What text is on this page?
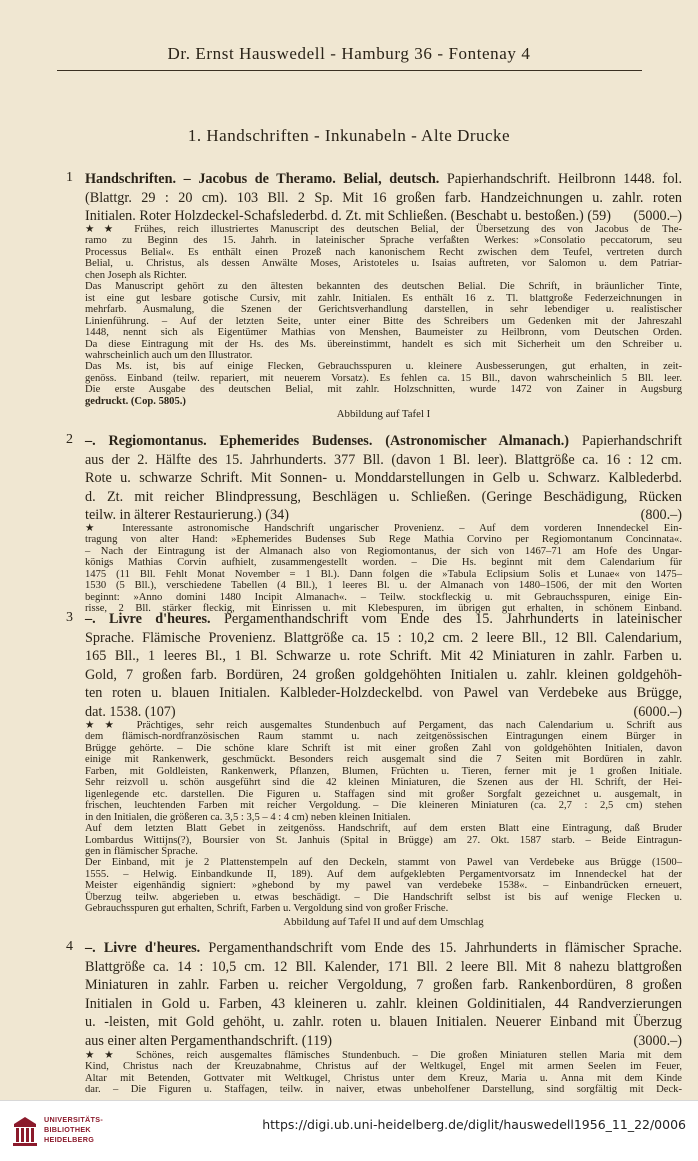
Dr. Ernst Hauswedell - Hamburg 36 - Fontenay 4
1. Handschriften - Inkunabeln - Alte Drucke
1 Handschriften. – Jacobus de Theramo. Belial, deutsch. Papierhandschrift. Heilbronn 1448. fol.
(Blattgr. 29 : 20 cm). 103 Bll. 2 Sp. Mit 16 großen farb. Handzeichnungen u. zahlr. roten
Initialen. Roter Holzdeckel-Schafslederbd. d. Zt. mit Schließen. (Beschabt u. bestoßen.) (59) (5000.–)
★★ Frühes, reich illustriertes Manuscript des deutschen Belial, der Übersetzung des von Jacobus de The-
ramo zu Beginn des 15. Jahrh. in lateinischer Sprache verfaßten Werkes: »Consolatio peccatorum, seu
Processus Belial«. Es enthält einen Prozeß nach kanonischem Recht zwischen dem Teufel, vertreten durch
Belial, u. Christus, als dessen Anwälte Moses, Aristoteles u. Isaias auftreten, vor Salomon u. dem Patriar-
chen Joseph als Richter.
Das Manuscript gehört zu den ältesten bekannten des deutschen Belial. Die Schrift, in bräunlicher Tinte,
ist eine gut lesbare gotische Cursiv, mit zahlr. Initialen. Es enthält 16 z. Tl. blattgroße Federzeichnungen in
mehrfarb. Ausmalung, die Szenen der Gerichtsverhandlung darstellen, in sehr lebendiger u. realistischer
Linienführung. – Auf der letzten Seite, unter einer Bitte des Schreibers um Gedenken mit der Jahreszahl
1448, nennt sich als Eigentümer Mathias von Menshen, Baumeister zu Heilbronn, vom Deutschen Orden.
Da diese Eintragung mit der Hs. des Ms. übereinstimmt, handelt es sich mit Sicherheit um den Schreiber u.
wahrscheinlich auch um den Illustrator.
Das Ms. ist, bis auf einige Flecken, Gebrauchsspuren u. kleinere Ausbesserungen, gut erhalten, in zeit-
genöss. Einband (teilw. repariert, mit neuerem Vorsatz). Es fehlen ca. 15 Bll., davon wahrscheinlich 5 Bll. leer.
Die erste Ausgabe des deutschen Belial, mit zahlr. Holzschnitten, wurde 1472 von Zainer in Augsburg
gedruckt. (Cop. 5805.)
Abbildung auf Tafel I
2 –. Regiomontanus. Ephemerides Budenses. (Astronomischer Almanach.) Papierhandschrift
aus der 2. Hälfte des 15. Jahrhunderts. 377 Bll. (davon 1 Bl. leer). Blattgröße ca. 16 : 12 cm.
Rote u. schwarze Schrift. Mit Sonnen- u. Monddarstellungen in Gelb u. Schwarz. Kalblederbd.
d. Zt. mit reicher Blindpressung, Beschlägen u. Schließen. (Geringe Beschädigung, Rücken
teilw. in älterer Restaurierung.) (34)	(800.–)
★ Interessante astronomische Handschrift ungarischer Provenienz. – Auf dem vorderen Innendeckel Ein-
tragung von alter Hand: »Ephemerides Budenses Sub Rege Mathia Corvino per Regiomontanum Concinnata«.
– Nach der Eintragung ist der Almanach also von Regiomontanus, der sich von 1467–71 am Hofe des Ungar-
königs Mathias Corvin aufhielt, zusammengestellt worden. – Die Hs. beginnt mit dem Calendarium für
1475 (11 Bll. Fehlt Monat November = 1 Bl.). Dann folgen die »Tabula Eclipsium Solis et Lunae« von 1475–
1530 (5 Bll.), verschiedene Tabellen (4 Bll.), 1 leeres Bl. u. der Almanach von 1480–1506, der mit den Worten
beginnt: »Anno domini 1480 Incipit Almanach«. – Teilw. stockfleckig u. mit Gebrauchsspuren, einige Ein-
risse, 2 Bll. stärker fleckig, mit Einrissen u. mit Klebespuren, im übrigen gut erhalten, in schönem Einband.
3 –. Livre d'heures. Pergamenthandschrift vom Ende des 15. Jahrhunderts in lateinischer
Sprache. Flämische Provenienz. Blattgröße ca. 15 : 10,2 cm. 2 leere Bll., 12 Bll. Calendarium,
165 Bll., 1 leeres Bl., 1 Bl. Schwarze u. rote Schrift. Mit 42 Miniaturen in zahlr. Farben u.
Gold, 7 großen farb. Bordüren, 24 großen goldgehöhten Initialen u. zahlr. kleinen goldgehöh-
ten roten u. blauen Initialen. Kalbleder-Holzdeckelbd. von Pawel van Verdebeke aus Brügge,
dat. 1538. (107)	(6000.–)
★★ Prächtiges, sehr reich ausgemaltes Stundenbuch auf Pergament, das nach Calendarium u. Schrift aus
dem flämisch-nordfranzösischen Raum stammt u. nach zeitgenössischen Eintragungen einem Bürger in
Brügge gehörte. – Die schöne klare Schrift ist mit einer großen Zahl von goldgehöhten Initialen, davon
einige mit Rankenwerk, geschmückt. Besonders reich ausgemalt sind die 7 Seiten mit Bordüren in zahlr.
Farben, mit Goldleisten, Rankenwerk, Pflanzen, Blumen, Früchten u. Tieren, ferner mit je 1 großen Initiale.
Sehr reizvoll u. schön ausgeführt sind die 42 kleinen Miniaturen, die Szenen aus der Hl. Schrift, der Hei-
ligenlegende etc. darstellen. Die Figuren u. Staffagen sind mit großer Sorgfalt gezeichnet u. ausgemalt, in
frischen, leuchtenden Farben mit reicher Vergoldung. – Die kleineren Miniaturen (ca. 2,7 : 2,5 cm) stehen
in den Initialen, die größeren ca. 3,5 : 3,5 – 4 : 4 cm) neben kleinen Initialen.
Auf dem letzten Blatt Gebet in zeitgenöss. Handschrift, auf dem ersten Blatt eine Eintragung, daß Bruder
Lombardus Wittijns(?), Boursier von St. Janhuis (Spital in Brügge) am 27. Okt. 1587 starb. – Beide Eintragun-
gen in flämischer Sprache.
Der Einband, mit je 2 Plattenstempeln auf den Deckeln, stammt von Pawel van Verdebeke aus Brügge (1500–
1555. – Helwig. Einbandkunde II, 189). Auf dem aufgeklebten Pergamentvorsatz im Innendeckel hat der
Meister eigenhändig signiert: »ghebond by my pawel van verdebeke 1538«. – Einbandrücken erneuert,
Überzug teilw. abgerieben u. etwas beschädigt. – Die Handschrift selbst ist bis auf wenige Flecken u.
Gebrauchsspuren gut erhalten, Schrift, Farben u. Vergoldung sind von großer Frische.
Abbildung auf Tafel II und auf dem Umschlag
4 –. Livre d'heures. Pergamenthandschrift vom Ende des 15. Jahrhunderts in flämischer Sprache.
Blattgröße ca. 14 : 10,5 cm. 12 Bll. Kalender, 171 Bll. 2 leere Bll. Mit 8 nahezu blattgroßen
Miniaturen in zahlr. Farben u. reicher Vergoldung, 7 großen farb. Rankenbordüren, 8 großen
Initialen in Gold u. Farben, 43 kleineren u. zahlr. kleinen Goldinitialen, 44 Randverzierungen
u. -leisten, mit Gold gehöht, u. zahlr. roten u. blauen Initialen. Neuerer Einband mit Überzug
aus einer alten Pergamenthandschrift. (119)	(3000.–)
★★ Schönes, reich ausgemaltes flämisches Stundenbuch. – Die großen Miniaturen stellen Maria mit dem
Kind, Christus nach der Kreuzabnahme, Christus auf der Weltkugel, Engel mit armen Seelen im Feuer,
Altar mit Betenden, Gottvater mit Weltkugel, Christus unter dem Kreuz, Maria u. Anna mit dem Kinde
dar. – Die Figuren u. Staffagen, teilw. in naiver, etwas unbeholfener Darstellung, sind sorgfältig mit Deck-
UNIVERSITÄTS-
BIBLIOTHEK
HEIDELBERG
https://digi.ub.uni-heidelberg.de/diglit/hauswedell1956_11_22/0006
